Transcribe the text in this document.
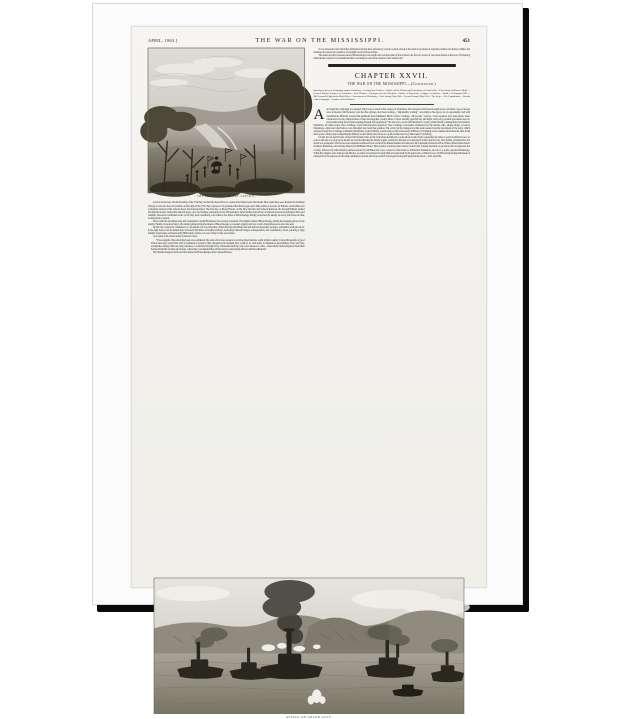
APRIL, 1863.]	THE WAR ON THE MISSISSIPPI.	451
THE ADVANCE ON PORT GIBSON.
and two howitzers. On the morning of the 27th they reached the Pearl River at a point sixty miles nearer the mouth. Here again they were hesitant in obtaining ferriage across the river. At Gallatin, on the night of the 27th, they captured a 32-pounder rifled Parrott gun and 1400 pounds of powder. At Bahala, on the 28th, four companies destroyed the railroad depot and transportation. The next day, at Brook Haven, on the New Orleans and Jackson Railroad, the Seventh Illinois dashed through the streets, burned the railroad depot, cars, and bridges, and paroled over 200 prisoners. After further destruction of railroads and stores at Bogue Chitto and Summit, Grierson's command on the 1st of May, near Greenburg, was within a few miles of Baton Rouge, having welcomed the enemy on every side and at no time an important occasion.
Here it fell into an ambuscade, and Lieutenant Colonel Blackburn was severely wounded. That night it entered Baton Rouge, ending the sleeping pickets of the enemy. Finally, at noon on May 2, the raiders galloped into the streets of Baton Rouge, so wearied, ragged, and way-worn a band of heroes as ever was seen.
In this raid, Grierson's command, by a mountain of forced marches, ridden through drenching rain and almost impassable swamps, sometimes without rest for forty-eight hours, had in sixteen days traversed 600 miles of hostile territory, destroying railroad bridges, transportation, and commissary stores, paroling a large number of prisoners, and destroying 3000 stand of arms, at a cost of only twenty-seven men.
As a result of his observations, Grierson writes:
"The strength of the rebels has been over-estimated; the arms of her true resources we have given them no credit in their country. I found thousands of good Union men who would hail with acclamation to return to their allegiance the moment they could do so with safety to themselves and families. They will rally around the old flag when our army advances. I could have brought away a thousand with me, who were anxious to come—men whom I found fugitives from their homes, hid in the swamps and forests, where they were hunted like wild beasts by conscripting officers with bloodhounds."
Five hundred negroes followed the raiders into Baton Rouge on the captured horses.
It was Grierson's raid which first demonstrated that the Confederacy was but a shell, strong at the surface by means of organized armies, but hollow within, and destitute of resources to sustain or of strength to recruit those armies.
The same day that Grierson entered Baton Rouge was fought and won the battle of Port Gibson, the first of a series of victorious battles in the rear of Vicksburg which in the course of two months had their crowning success in the capture of the "hermit city."
CHAPTER XXVII.
THE WAR ON THE MISSISSIPPI.—(Continued.)
Opening of the new Campaign against Vicksburg.—Getting into Position.—Battle of Port Gibson and Evacuation of Grand Gulf.—First Attack at Haines's Bluff.—General Banks's Progress in Louisiana.—Port Hudson.—Farragut runs the Blockade.—Battle of Raymond.—Capture of Jackson.—Battle of Champion Hill.—McClernand's Fight on the Black River.—Investment of Vicksburg.—First Assault, May 19th.—Second Assault, May 22d.—The Siege.—The Capitulation.—Results of the Campaign.—Capture of Port Hudson.
A At length the campaign was opened which was to result in the capture of Vicksburg. The transports had been brought down, and three corps of troops were in motion. McClernand, who had the advance, had been waiting—"impatiently waiting," according to his report, for an opportunity, had with considerable difficulty crossed the peninsula from Milliken's Bend to New Carthage. "Old roads," says he, "were repaired, new ones made, bases constructed for the transportation of men and supplies, twenty miles of levee steadily guarded day and night, and every possible precaution used to prevent the rising flood from breaking through and toppling us." He also set to work with Sherman's cavalry, which finally communicated to Perkins's Plantation, six miles below New Carthage. Upon McClernand's approach, New Carthage was hastily abandoned by the enemy, who, taking refuge at Jones's Plantation, a mile and a half below, was dislodged also from that position. The arrival of the transports at this point assured and the movement of the army, which advanced from New Carthage to Perkins's Plantation, General Henry constructing on this route nearly 2000 feet of bridging out of extemporized material, thus in the short space of three days completing the military road from the river above to a point on the river forty miles below Vicksburg.
On the 22d of April Porter carried McClernand that on the following morning he would attack Grand Gulf, requesting the latter to send an infantry force to convoy the place as soon as he should succeed in silencing the enemy's guns. Grierson's division was detached for this purpose; but, after further consideration, the attack was postponed. The forces were extended southward on account of the limited number of transports; McClernand advanced to Hard Times, fifteen miles below Perkins's Plantation, and seventy miles from Milliken's Bend. This position was three miles above Grand Gulf. It being desirable to get below this strong-hold, the cavalry, followed by McClernand, pushed onward by McPherson's corps, crossed Coffee Point to D'Seltem's Plantation, and cut to a point opposite Bruinsburg. While the samples were removed and thence, an army was massed on April 29th on Grand Gulf by the gun-boats, a military force 12,000 strong having embarked on transports for the purpose of effecting a landing in case the attack succeeded. Seven gun-boats participated in the attack—the Louisville,
ATTACK ON GRAND GULF.
